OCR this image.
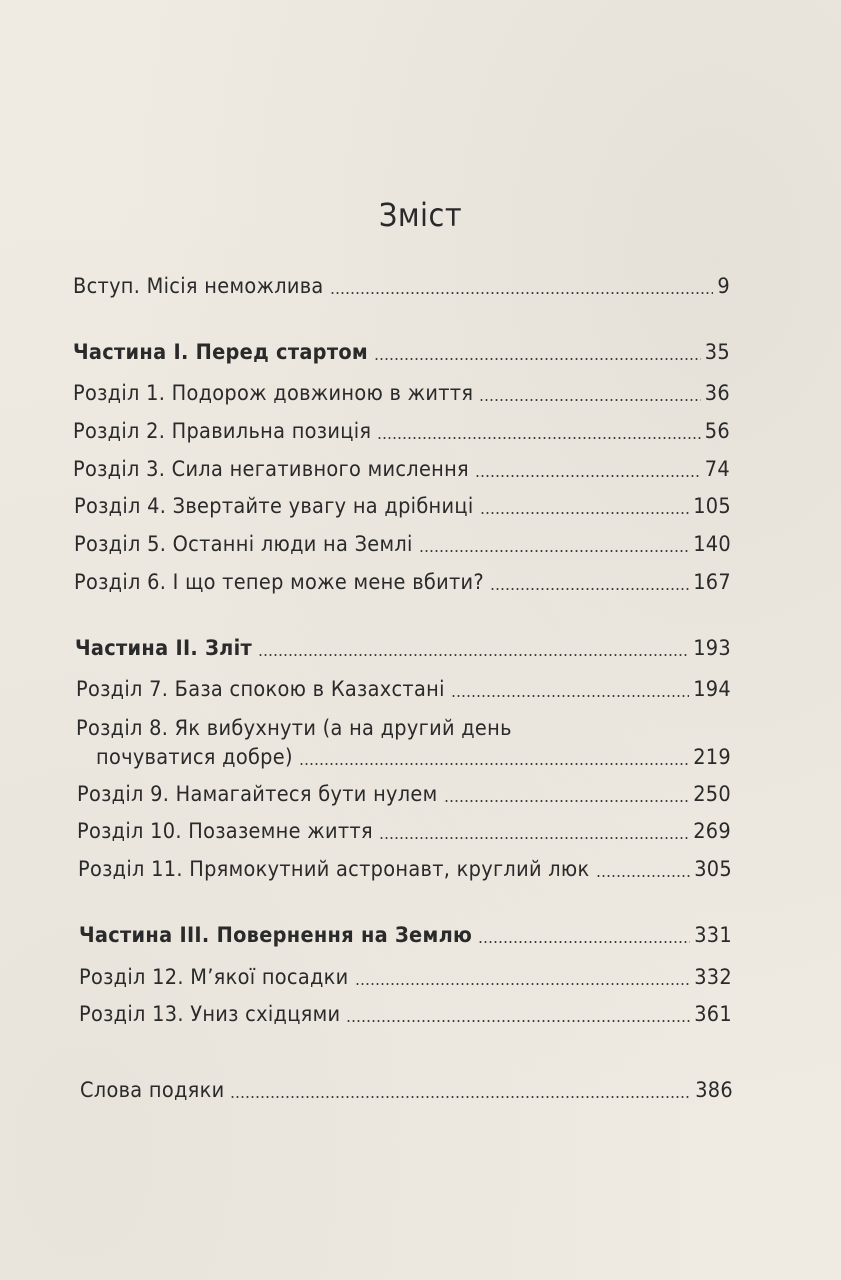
Зміст
Вступ. Місія неможлива	9
Частина I. Перед стартом	35
Розділ 1. Подорож довжиною в життя	36
Розділ 2. Правильна позиція	56
Розділ 3. Сила негативного мислення	74
Розділ 4. Звертайте увагу на дрібниці	105
Розділ 5. Останні люди на Землі	140
Розділ 6. І що тепер може мене вбити?	167
Частина II. Зліт	193
Розділ 7. База спокою в Казахстані	194
Розділ 8. Як вибухнути (а на другий день
почуватися добре)	219
Розділ 9. Намагайтеся бути нулем	250
Розділ 10. Позаземне життя	269
Розділ 11. Прямокутний астронавт, круглий люк	305
Частина III. Повернення на Землю	331
Розділ 12. М’якої посадки	332
Розділ 13. Униз східцями	361
Слова подяки	386
